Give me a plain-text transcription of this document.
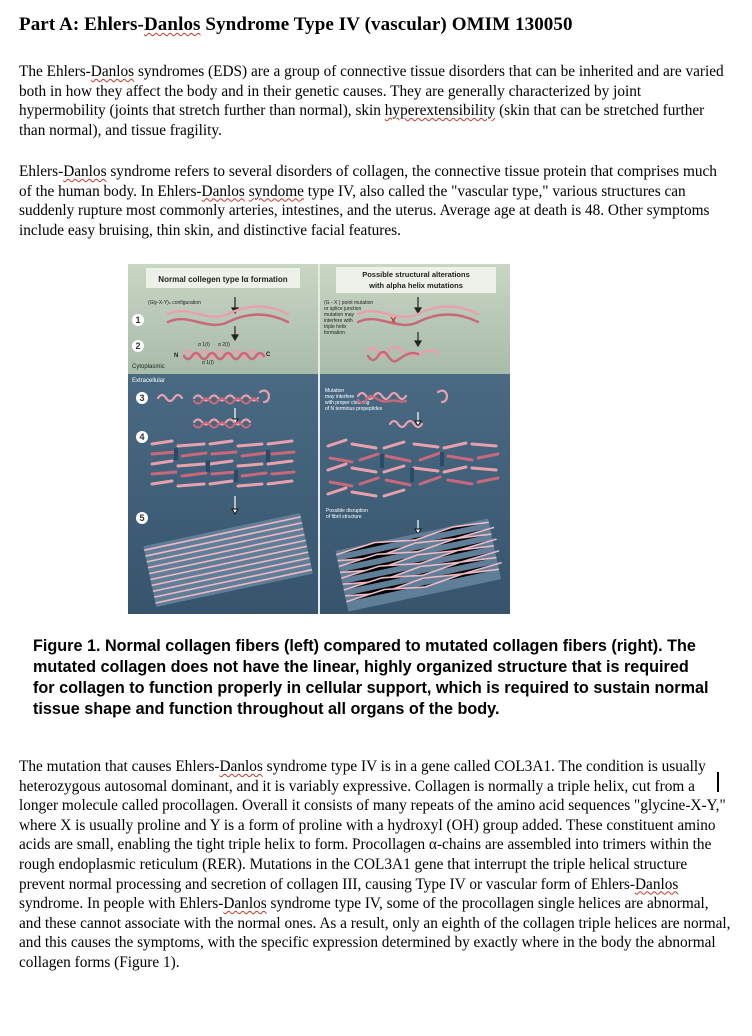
Part A: Ehlers-Danlos Syndrome Type IV (vascular) OMIM 130050

The Ehlers-Danlos syndromes (EDS) are a group of connective tissue disorders that can be inherited and are varied both in how they affect the body and in their genetic causes. They are generally characterized by joint hypermobility (joints that stretch further than normal), skin hyperextensibility (skin that can be stretched further than normal), and tissue fragility.

Ehlers-Danlos syndrome refers to several disorders of collagen, the connective tissue protein that comprises much of the human body. In Ehlers-Danlos syndome type IV, also called the "vascular type," various structures can suddenly rupture most commonly arteries, intestines, and the uterus. Average age at death is 48. Other symptoms include easy bruising, thin skin, and distinctive facial features.

Normal collegen type Iα formation
Possible structural alterations
with alpha helix mutations
1
2
3
4
5
(Gly-X-Y)ₙ configuration
Cytoplasmic
Extracellular
α 1(I) α 2(I)
α 1(I)
N	C
(G - X ) point mutation
or splice junction
mutation may
interfere with
triple helix
formation
Mutation
may interfere
with proper cleaving
of N terminus propeptides
Possible disruption
of fibril structure
X

Figure 1. Normal collagen fibers (left) compared to mutated collagen fibers (right). The mutated collagen does not have the linear, highly organized structure that is required for collagen to function properly in cellular support, which is required to sustain normal tissue shape and function throughout all organs of the body.

The mutation that causes Ehlers-Danlos syndrome type IV is in a gene called COL3A1. The condition is usually heterozygous autosomal dominant, and it is variably expressive. Collagen is normally a triple helix, cut from a longer molecule called procollagen. Overall it consists of many repeats of the amino acid sequences "glycine-X-Y," where X is usually proline and Y is a form of proline with a hydroxyl (OH) group added. These constituent amino acids are small, enabling the tight triple helix to form. Procollagen α-chains are assembled into trimers within the rough endoplasmic reticulum (RER). Mutations in the COL3A1 gene that interrupt the triple helical structure prevent normal processing and secretion of collagen III, causing Type IV or vascular form of Ehlers-Danlos syndrome. In people with Ehlers-Danlos syndrome type IV, some of the procollagen single helices are abnormal, and these cannot associate with the normal ones. As a result, only an eighth of the collagen triple helices are normal, and this causes the symptoms, with the specific expression determined by exactly where in the body the abnormal collagen forms (Figure 1).
